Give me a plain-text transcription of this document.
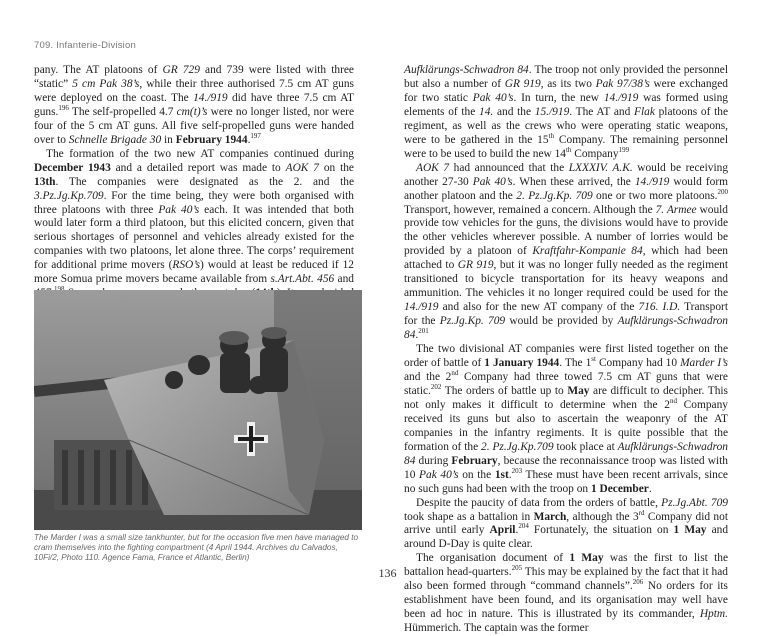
709. Infanterie-Division

pany. The AT platoons of GR 729 and 739 were listed with three “static” 5 cm Pak 38’s, while their three authorised 7.5 cm AT guns were deployed on the coast. The 14./919 did have three 7.5 cm AT guns.$^{196}$ The self-propelled 4.7 cm(t)’s were no longer listed, nor were four of the 5 cm AT guns. All five self-propelled guns were handed over to Schnelle Brigade 30 in February 1944.$^{197}$

The formation of the two new AT companies continued during December 1943 and a detailed report was made to AOK 7 on the 13th. The companies were designated as the 2. and the 3.Pz.Jg.Kp.709. For the time being, they were both organised with three platoons with three Pak 40’s each. It was intended that both would later form a third platoon, but this elicited concern, given that serious shortages of personnel and vehicles already existed for the companies with two platoons, let alone three. The corps’ requirement for additional prime movers (RSO’s) would at least be reduced if 12 more Somua prime movers became available from s.Art.Abt. 456 and

The Marder I was a small size tankhunter, but for the occasion five men have managed to cram themselves into the fighting compartment (4 April 1944. Archives du Calvados, 10Fi/2, Photo 110. Agence Fama, France et Atlantic, Berlin)

Aufklärungs-Schwadron 84. The troop not only provided the personnel but also a number of GR 919, as its two Pak 97/38’s were exchanged for two static Pak 40’s. In turn, the new 14./919 was formed using elements of the 14. and the 15./919. The AT and Flak platoons of the regiment, as well as the crews who were operating static weapons, were to be gathered in the 15th Company. The remaining personnel were to be used to build the new 14th Company$^{199}$

AOK 7 had announced that the LXXXIV. A.K. would be receiving another 27-30 Pak 40’s. When these arrived, the 14./919 would form another platoon and the 2. Pz.Jg.Kp. 709 one or two more platoons.$^{200}$ Transport, however, remained a concern. Although the 7. Armee would provide tow vehicles for the guns, the divisions would have to provide the other vehicles wherever possible. A number of lorries would be provided by a platoon of Kraftfahr-Kompanie 84, which had been attached to GR 919, but it was no longer fully needed as the regiment transitioned to bicycle transportation for its heavy weapons and ammunition. The vehicles it no longer required could be used for the 14./919 and also for the new AT company of the 716. I.D. Transport for the Pz.Jg.Kp. 709 would be provided by Aufklärungs-Schwadron 84.$^{201}$

The two divisional AT companies were first listed together on the order of battle of 1 January 1944. The 1st Company had 10 Marder I’s and the 2nd Company had three towed 7.5 cm AT guns that were static.$^{202}$ The orders of battle up to May are difficult to decipher. This not only makes it difficult to determine when the 2nd Company received its guns but also to ascertain the weaponry of the AT companies in the infantry regiments. It is quite possible that the formation of the 2. Pz.Jg.Kp.709 took place at Aufklärungs-Schwadron 84 during February, because the reconnaissance troop was listed with 10 Pak 40’s on the 1st.$^{203}$ These must have been recent arrivals, since no such guns had been with the troop on 1 December.

Despite the paucity of data from the orders of battle, Pz.Jg.Abt. 709 took shape as a battalion in March, although the 3rd Company did not arrive until early April.$^{204}$ Fortunately, the situation on 1 May and around D-Day is quite clear.

The organisation document of 1 May was the first to list the battalion head-quarters.$^{205}$ This may be explained by the fact that it had also been formed through “command channels”.$^{206}$ No orders for its establishment have been found, and its organisation may well have been ad hoc in nature. This is illustrated by its commander, Hptm. Hümmerich. The captain was the former

136
